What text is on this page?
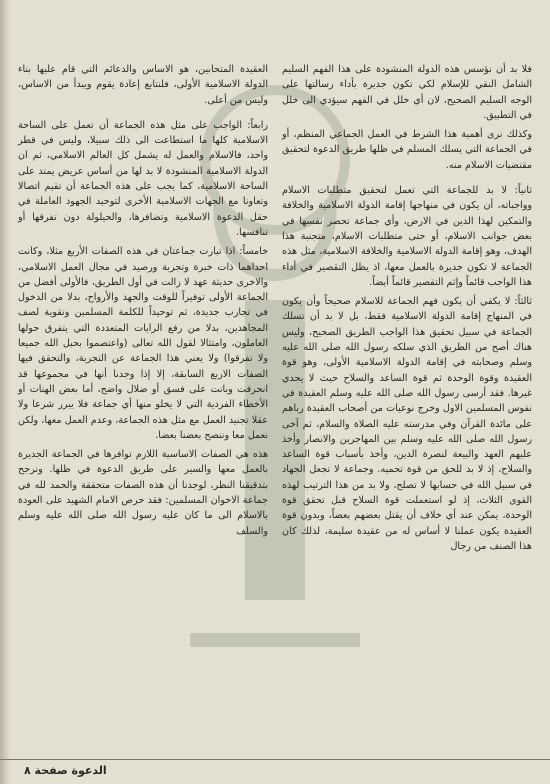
فلا بد أن نؤسس هذه الدولة المنشودة على هذا الفهم السليم الشامل النقي للإسلام لكي تكون جديرة بأداء رسالتها على الوجه السليم الصحيح، لان أي خلل في الفهم سيؤدي الى خلل في التطبيق.

وكذلك نرى أهمية هذا الشرط في العمل الجماعي المنظم، أو في الجماعة التي يسلك المسلم في ظلها طريق الدعوة لتحقيق مقتضيات الاسلام منه.

ثانياً: لا بد للجماعة التي تعمل لتحقيق متطلبات الاسلام وواجباته، أن يكون في منهاجها إقامة الدولة الاسلامية والخلافة والتمكين لهذا الدين في الارض، وأي جماعة تحصر نفسها في بعض جوانب الاسلام، أو حتى متطلبات الاسلام، متجنبة هذا الهدف، وهو إقامة الدولة الاسلامية والخلافة الاسلامية، مثل هذه الجماعة لا تكون جديرة بالعمل معها، اذ يظل التقصير في أداء هذا الواجب قائماً وإثم التقصير قائماً أيضاً.

ثالثاً: لا يكفي أن يكون فهم الجماعة للاسلام صحيحاً وأن يكون في المنهاج إقامة الدولة الاسلامية فقط، بل لا بد أن تسلك الجماعة في سبيل تحقيق هذا الواجب الطريق الصحيح، وليس هناك أصح من الطريق الذي سلكه رسول الله صلى الله عليه وسلم وصحابته في إقامة الدولة الاسلامية الأولى، وهو قوة العقيدة وقوة الوحدة ثم قوة الساعد والسلاح حيث لا يجدي غيرها. فقد أرسى رسول الله صلى الله عليه وسلم العقيدة في نفوس المسلمين الاول وخرج نوعيات من أصحاب العقيدة رباهم على مائدة القرآن وفي مدرسته عليه الصلاة والسلام، ثم آخى رسول الله صلى الله عليه وسلم بين المهاجرين والانصار وأخذ عليهم العهد والبيعة لنصرة الدين، وأخذ بأسباب قوة الساعد والسلاح، إذ لا بد للحق من قوة تحميه. وجماعة لا تجعل الجهاد في سبيل الله في حسابها لا تصلح، ولا بد من هذا الترتيب لهذه القوى الثلاث، إذ لو استعملت قوة السلاح قبل تحقق قوة الوحدة، يمكن عند أي خلاف أن يقتل بعضهم بعضاً، وبدون قوة العقيدة يكون عملنا لا أساس له من عقيدة سليمة، لذلك كان هذا الصنف من رجال

العقيدة المتحابين، هو الاساس والدعائم التي قام عليها بناء الدولة الاسلامية الأولى، فلنتابع إعادة يقوم ويبدأ من الاساس، وليس من أعلى.

رابعاً: الواجب على مثل هذه الجماعة أن تعمل على الساحة الاسلامية كلها ما استطاعت الى ذلك سبيلا، وليس في قطر واحد، فالاسلام والعمل له يشمل كل العالم الاسلامي، ثم ان الدولة الاسلامية المنشودة لا بد لها من أساس عريض يمتد على الساحة الاسلامية، كما يجب على هذه الجماعة أن تقيم اتصالا وتعاونا مع الجهات الاسلامية الأخرى لتوحيد الجهود العاملة في حقل الدعوة الاسلامية وتضافرها، والحيلولة دون تفرقها أو تنافسها.

خامساً: اذا تبارت جماعتان في هذه الصفات الأربع مثلا، وكانت احداهما ذات خبرة وتجربة ورصيد في مجال العمل الاسلامي، والاخرى حديثة عهد لا زالت في أول الطريق، فالأولى أفضل من الجماعة الأولى توفيراً للوقت والجهد والأرواح، بدلا من الدخول في تجارب جديدة، ثم توحيداً للكلمة المسلمين وتقوية لصف المجاهدين، بدلا من رفع الرايات المتعددة التي يتفرق حولها العاملون، وامتثالا لقول الله تعالى (واعتصموا بحبل الله جميعا ولا تفرقوا) ولا يعني هذا الجماعة عن التجربة، والتحقق فيها الصفات الاربع السابقة، إلا إذا وجدنا أنها في مجموعها قد انحرفت وبانت على فسق أو ضلال واضح، أما بعض الهنات أو الأخطاء الفردية التي لا يخلو منها أي جماعة فلا يبرر شرعا ولا عقلا تجنيد العمل مع مثل هذه الجماعة، وعدم العمل معها، ولكن نعمل معا وننصح بعضنا بعضا.

هذه هي الصفات الاساسية اللازم توافرها في الجماعة الجديرة بالعمل معها والسير على طريق الدعوة في ظلها. ونرجح بتدقيقنا النظر، لوجدنا أن هذه الصفات متحققة والحمد لله في جماعة الاخوان المسلمين: فقد حرص الامام الشهيد على العودة بالاسلام الى ما كان عليه رسول الله صلى الله عليه وسلم والسلف

الدعوة صفحة ٨
